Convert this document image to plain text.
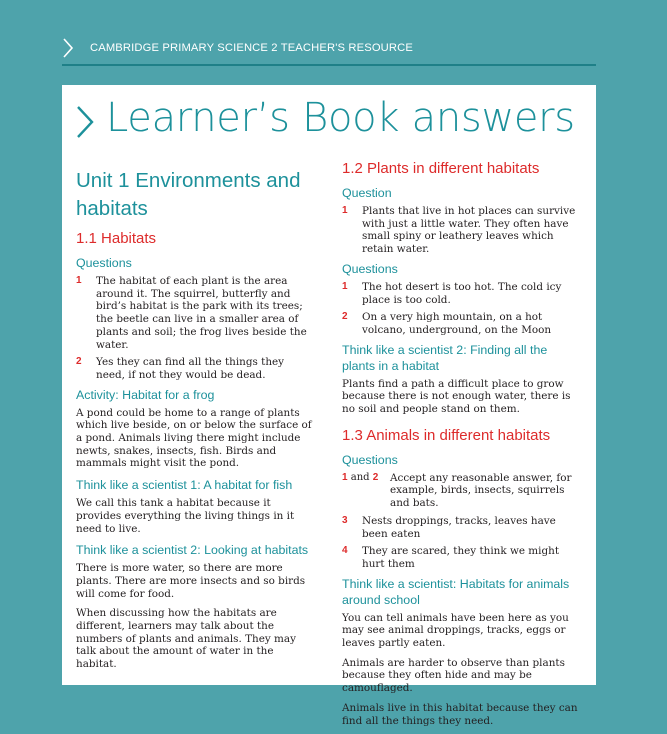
CAMBRIDGE PRIMARY SCIENCE 2 TEACHER'S RESOURCE
Learner’s Book answers
Unit 1 Environments and habitats
1.1 Habitats
Questions
1 The habitat of each plant is the area around it. The squirrel, butterfly and bird’s habitat is the park with its trees; the beetle can live in a smaller area of plants and soil; the frog lives beside the water.
2 Yes they can find all the things they need, if not they would be dead.
Activity: Habitat for a frog
A pond could be home to a range of plants which live beside, on or below the surface of a pond. Animals living there might include newts, snakes, insects, fish. Birds and mammals might visit the pond.
Think like a scientist 1: A habitat for fish
We call this tank a habitat because it provides everything the living things in it need to live.
Think like a scientist 2: Looking at habitats
There is more water, so there are more plants. There are more insects and so birds will come for food.
When discussing how the habitats are different, learners may talk about the numbers of plants and animals. They may talk about the amount of water in the habitat.
1.2 Plants in different habitats
Question
1 Plants that live in hot places can survive with just a little water. They often have small spiny or leathery leaves which retain water.
Questions
1 The hot desert is too hot. The cold icy place is too cold.
2 On a very high mountain, on a hot volcano, underground, on the Moon
Think like a scientist 2: Finding all the plants in a habitat
Plants find a path a difficult place to grow because there is not enough water, there is no soil and people stand on them.
1.3 Animals in different habitats
Questions
1 and 2 Accept any reasonable answer, for example, birds, insects, squirrels and bats.
3 Nests droppings, tracks, leaves have been eaten
4 They are scared, they think we might hurt them
Think like a scientist: Habitats for animals around school
You can tell animals have been here as you may see animal droppings, tracks, eggs or leaves partly eaten.
Animals are harder to observe than plants because they often hide and may be camouflaged.
Animals live in this habitat because they can find all the things they need.
